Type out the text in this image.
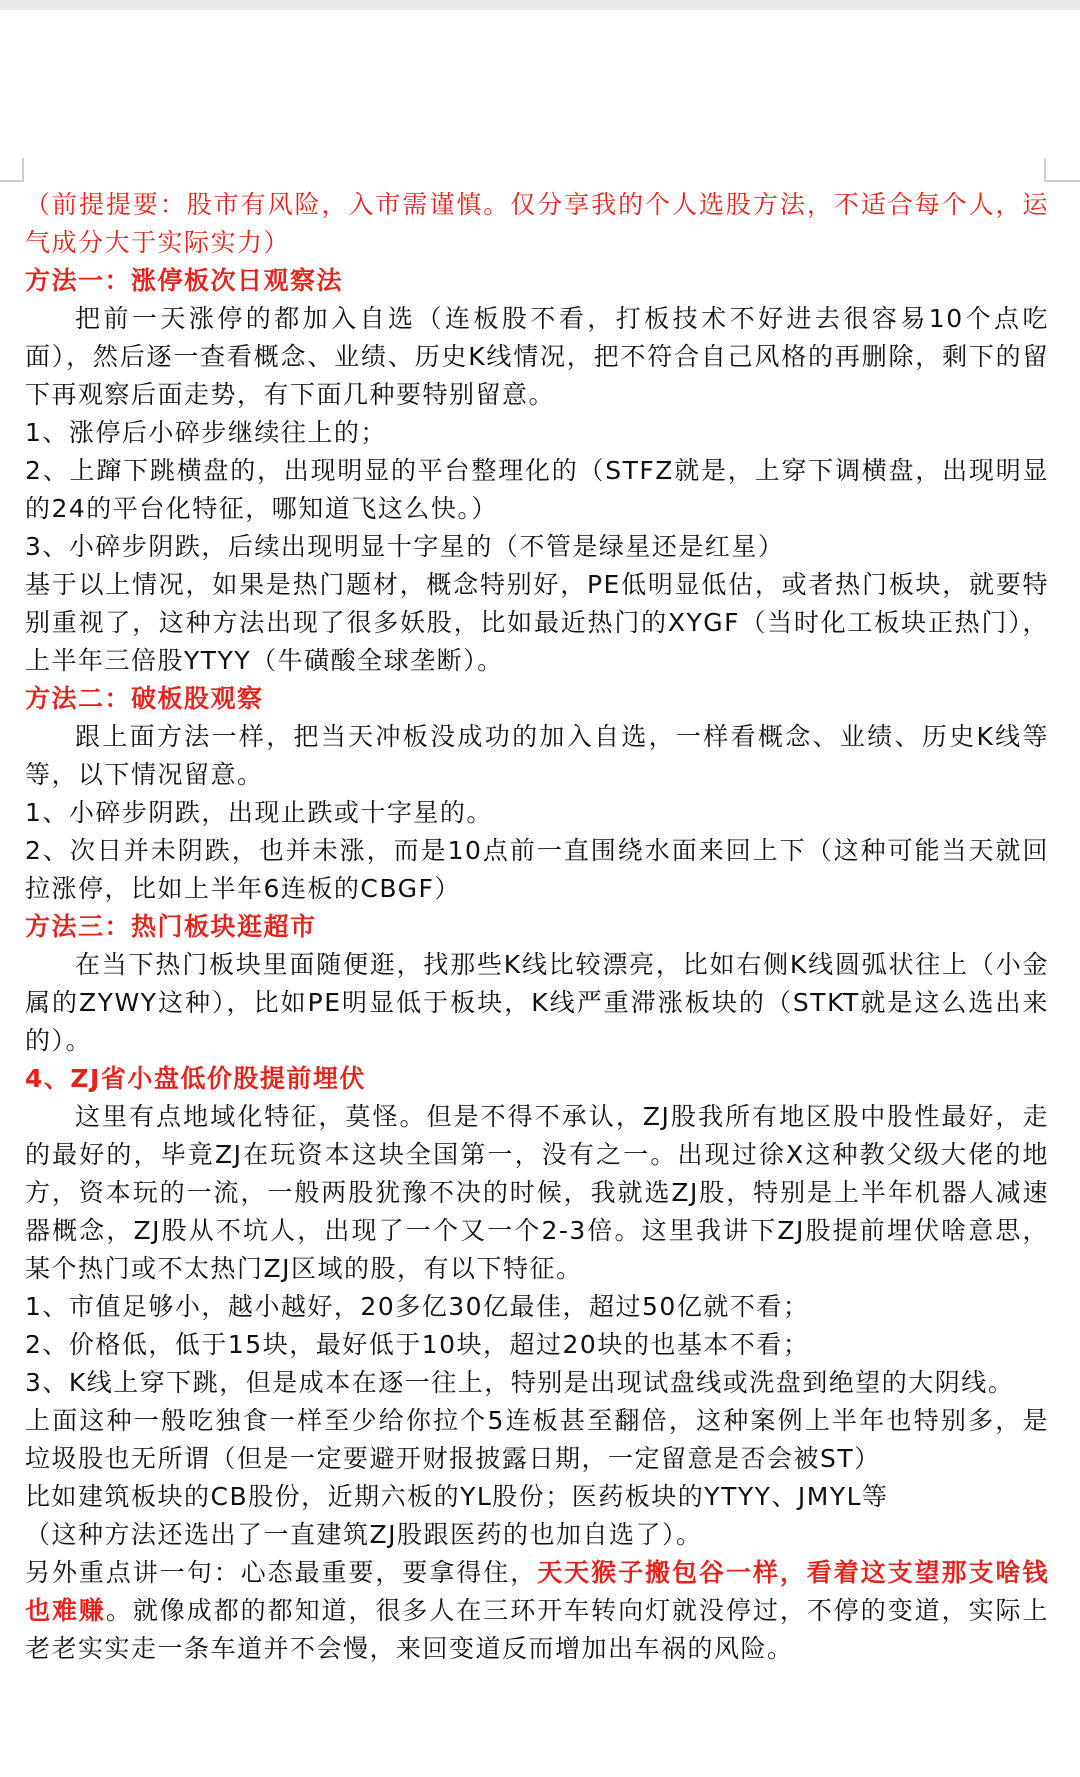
（前提提要：股市有风险，入市需谨慎。仅分享我的个人选股方法，不适合每个人，运气成分大于实际实力）

方法一：涨停板次日观察法

把前一天涨停的都加入自选（连板股不看，打板技术不好进去很容易10个点吃面），然后逐一查看概念、业绩、历史K线情况，把不符合自己风格的再删除，剩下的留下再观察后面走势，有下面几种要特别留意。

1、涨停后小碎步继续往上的；

2、上蹿下跳横盘的，出现明显的平台整理化的（STFZ就是，上穿下调横盘，出现明显的24的平台化特征，哪知道飞这么快。）

3、小碎步阴跌，后续出现明显十字星的（不管是绿星还是红星）

基于以上情况，如果是热门题材，概念特别好，PE低明显低估，或者热门板块，就要特别重视了，这种方法出现了很多妖股，比如最近热门的XYGF（当时化工板块正热门），上半年三倍股YTYY（牛磺酸全球垄断）。

方法二：破板股观察

跟上面方法一样，把当天冲板没成功的加入自选，一样看概念、业绩、历史K线等等，以下情况留意。

1、小碎步阴跌，出现止跌或十字星的。

2、次日并未阴跌，也并未涨，而是10点前一直围绕水面来回上下（这种可能当天就回拉涨停，比如上半年6连板的CBGF）

方法三：热门板块逛超市

在当下热门板块里面随便逛，找那些K线比较漂亮，比如右侧K线圆弧状往上（小金属的ZYWY这种），比如PE明显低于板块，K线严重滞涨板块的（STKT就是这么选出来的）。

4、ZJ省小盘低价股提前埋伏

这里有点地域化特征，莫怪。但是不得不承认，ZJ股我所有地区股中股性最好，走的最好的，毕竟ZJ在玩资本这块全国第一，没有之一。出现过徐X这种教父级大佬的地方，资本玩的一流，一般两股犹豫不决的时候，我就选ZJ股，特别是上半年机器人减速器概念，ZJ股从不坑人，出现了一个又一个2-3倍。这里我讲下ZJ股提前埋伏啥意思，某个热门或不太热门ZJ区域的股，有以下特征。

1、市值足够小，越小越好，20多亿30亿最佳，超过50亿就不看；

2、价格低，低于15块，最好低于10块，超过20块的也基本不看；

3、K线上穿下跳，但是成本在逐一往上，特别是出现试盘线或洗盘到绝望的大阴线。

上面这种一般吃独食一样至少给你拉个5连板甚至翻倍，这种案例上半年也特别多，是垃圾股也无所谓（但是一定要避开财报披露日期，一定留意是否会被ST）

比如建筑板块的CB股份，近期六板的YL股份；医药板块的YTYY、JMYL等

（这种方法还选出了一直建筑ZJ股跟医药的也加自选了）。

另外重点讲一句：心态最重要，要拿得住，天天猴子搬包谷一样，看着这支望那支啥钱也难赚。就像成都的都知道，很多人在三环开车转向灯就没停过，不停的变道，实际上老老实实走一条车道并不会慢，来回变道反而增加出车祸的风险。
